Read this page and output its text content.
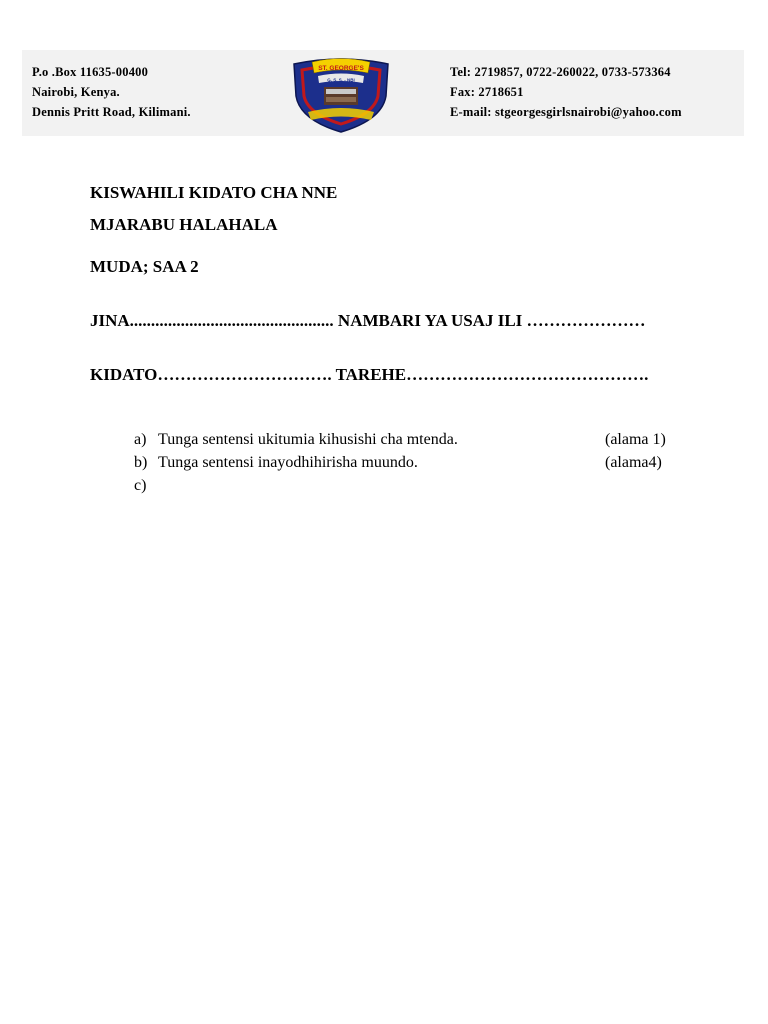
P.o .Box 11635-00400
Nairobi, Kenya.
Dennis Pritt Road, Kilimani.
ST. GEORGE'S
G. S. S. - NBI
Tel: 2719857, 0722-260022, 0733-573364
Fax: 2718651
E-mail: stgeorgesgirlsnairobi@yahoo.com
KISWAHILI KIDATO CHA NNE
MJARABU HALAHALA
MUDA; SAA 2
JINA................................................ NAMBARI YA USAJ ILI …………………
KIDATO…………………………. TAREHE…………………………………….
a) Tunga sentensi ukitumia kihusishi cha mtenda.	(alama 1)
b) Tunga sentensi inayodhihirisha muundo.	(alama4)
c)
